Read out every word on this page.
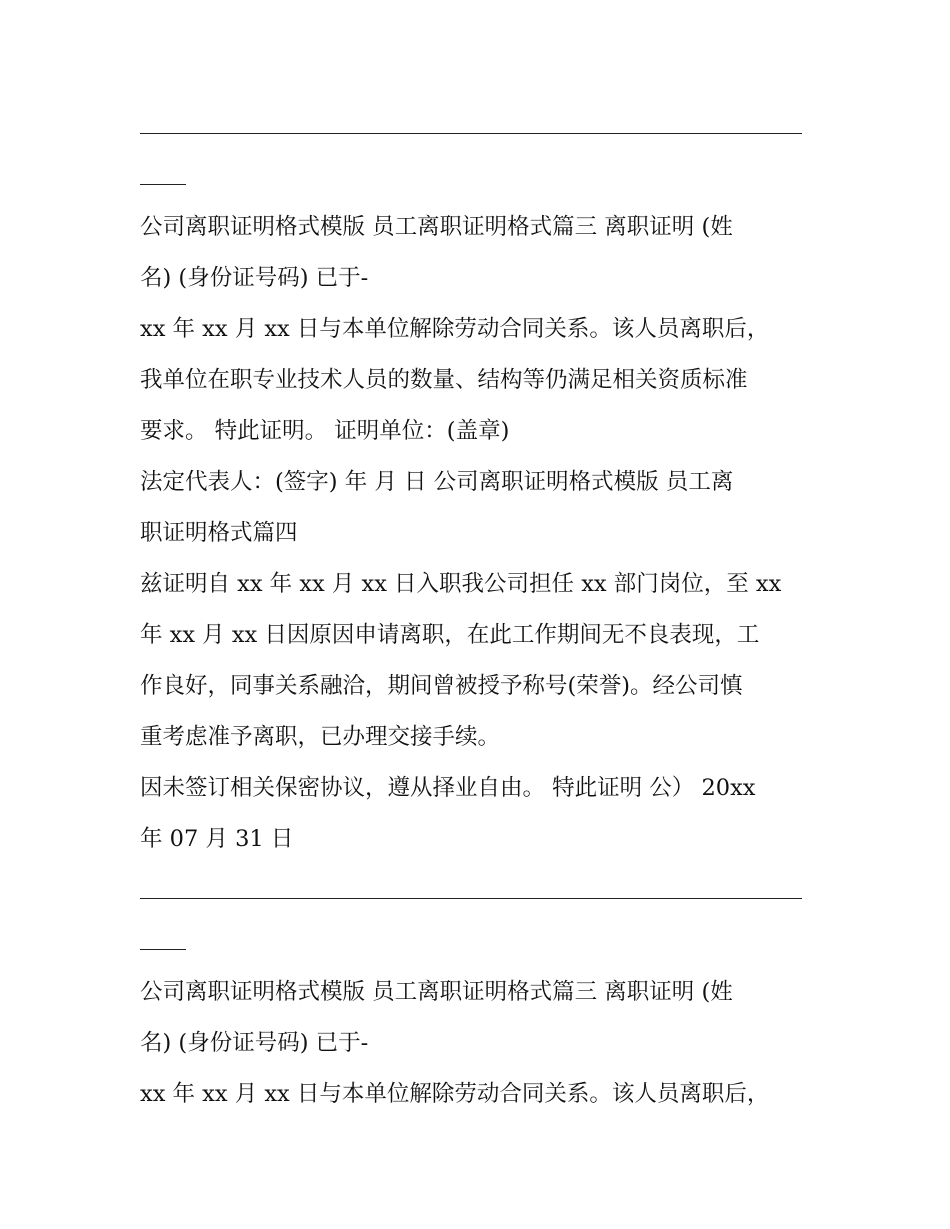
公司离职证明格式模版 员工离职证明格式篇三 离职证明 (姓
名) (身份证号码) 已于-
xx 年 xx 月 xx 日与本单位解除劳动合同关系。该人员离职后，
我单位在职专业技术人员的数量、结构等仍满足相关资质标准
要求。 特此证明。 证明单位：(盖章)
法定代表人：(签字) 年 月 日 公司离职证明格式模版 员工离
职证明格式篇四
兹证明自 xx 年 xx 月 xx 日入职我公司担任 xx 部门岗位，至 xx
年 xx 月 xx 日因原因申请离职，在此工作期间无不良表现，工
作良好，同事关系融洽，期间曾被授予称号(荣誉)。经公司慎
重考虑准予离职，已办理交接手续。
因未签订相关保密协议，遵从择业自由。 特此证明 公） 20xx
年 07 月 31 日
公司离职证明格式模版 员工离职证明格式篇三 离职证明 (姓
名) (身份证号码) 已于-
xx 年 xx 月 xx 日与本单位解除劳动合同关系。该人员离职后，
